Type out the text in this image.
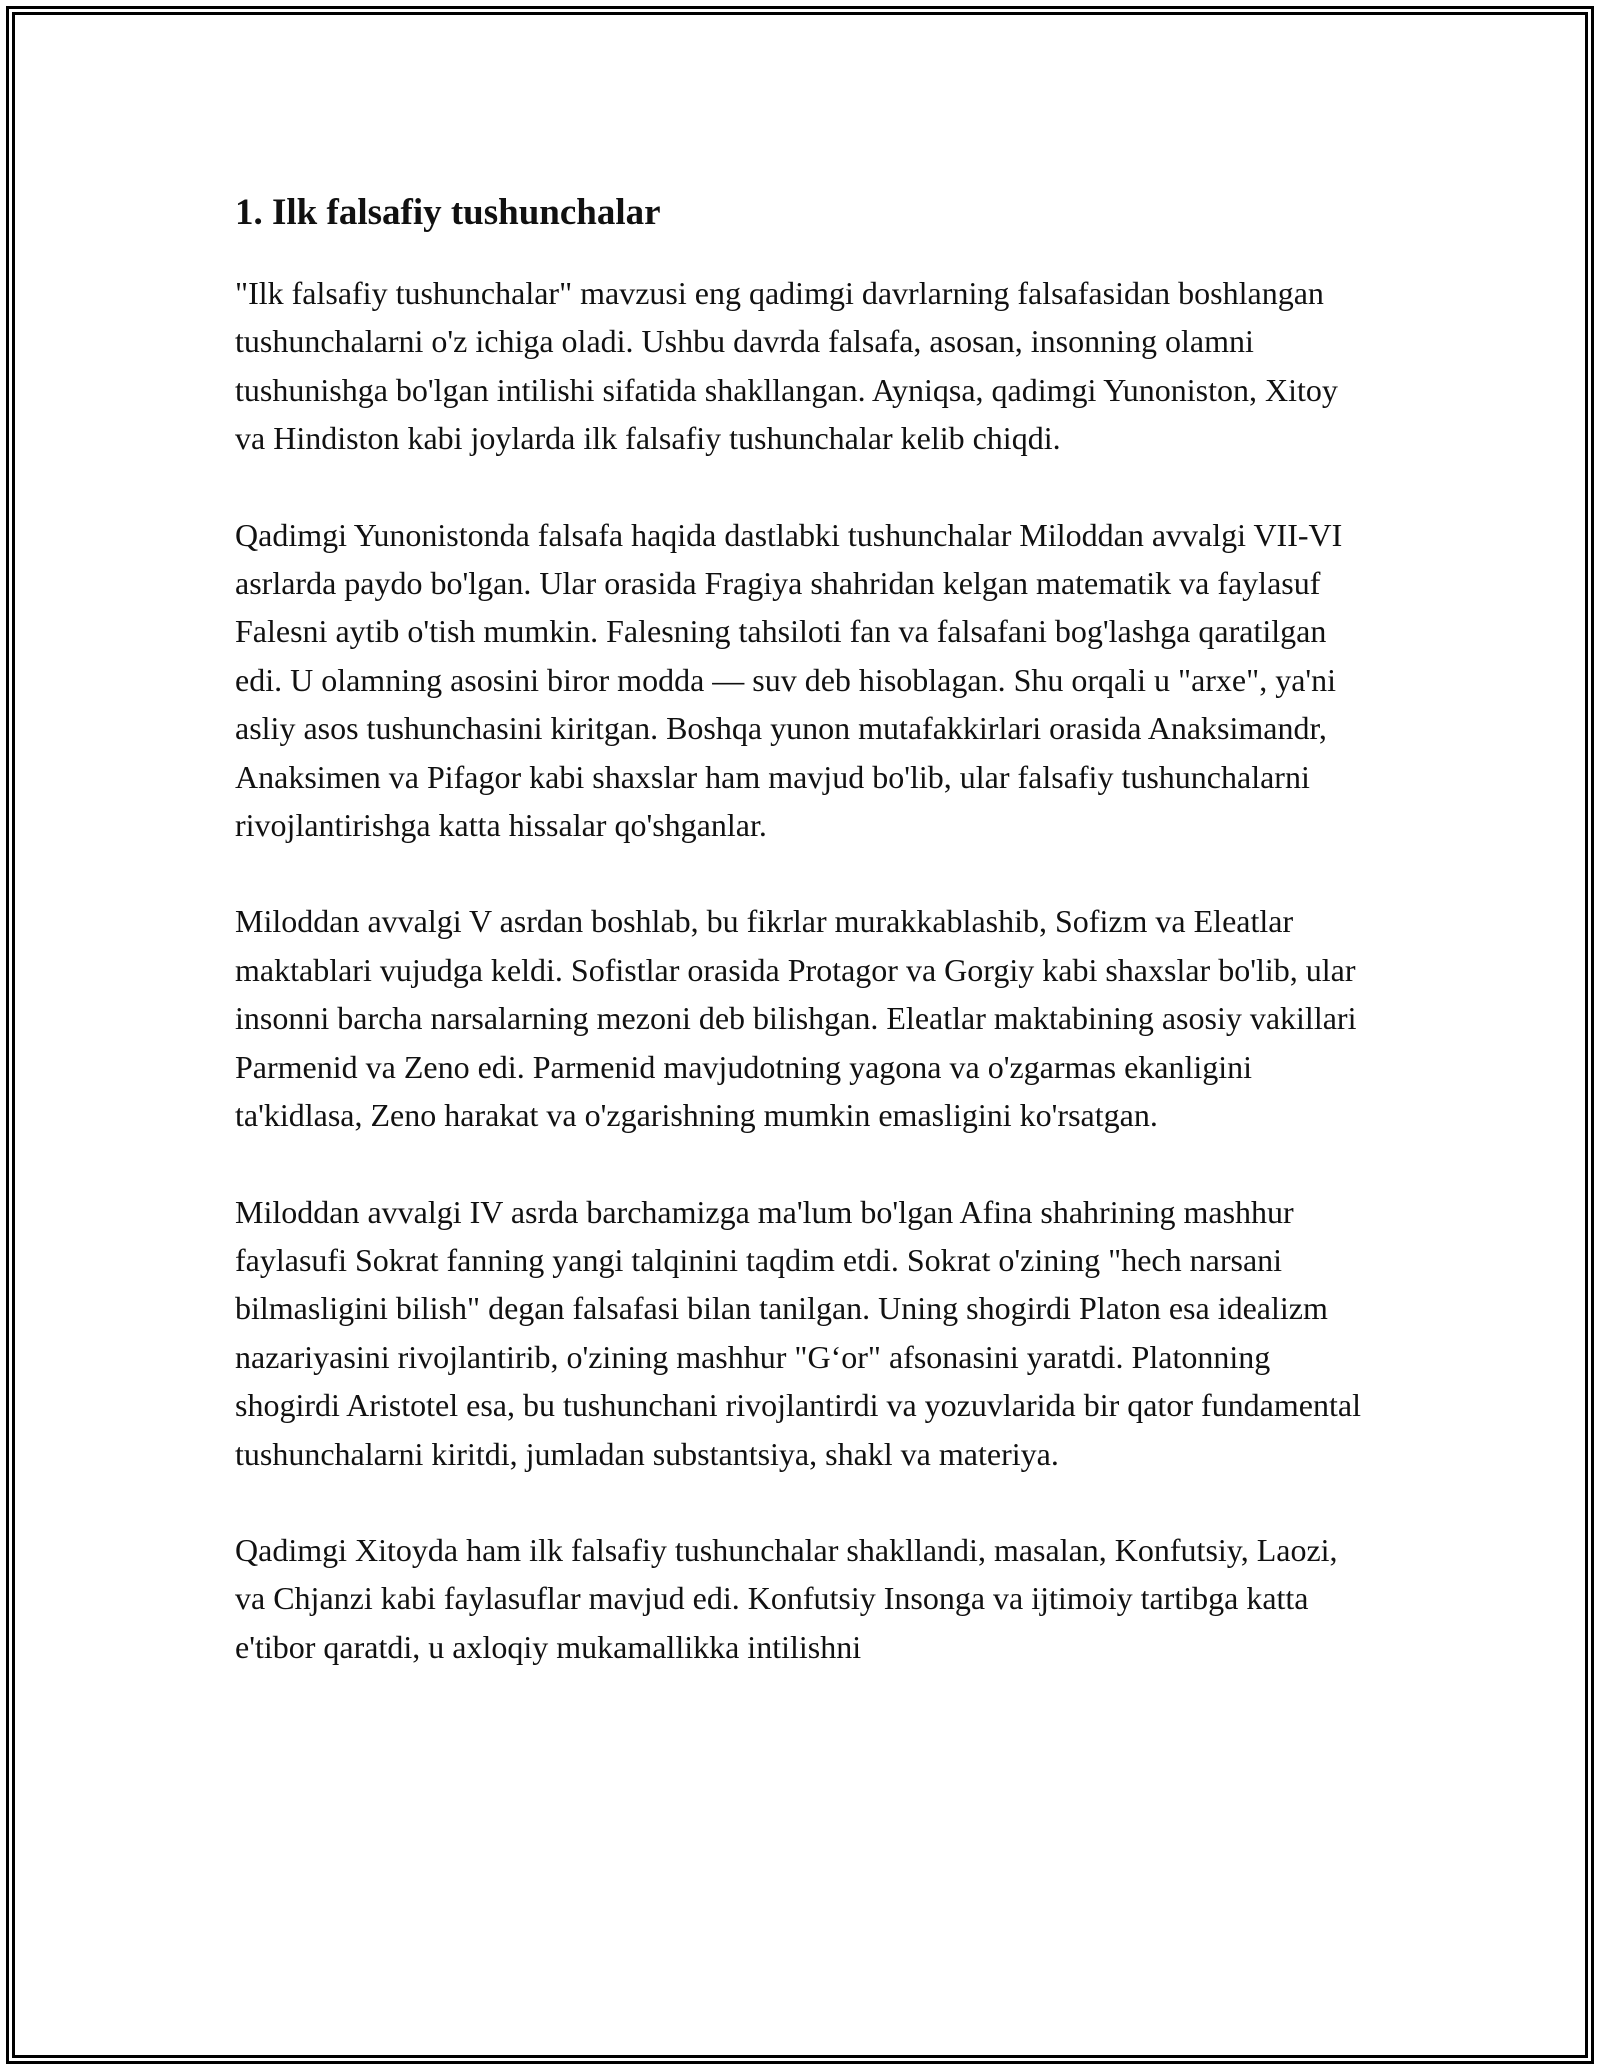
1. Ilk falsafiy tushunchalar

"Ilk falsafiy tushunchalar" mavzusi eng qadimgi davrlarning falsafasidan boshlangan tushunchalarni o'z ichiga oladi. Ushbu davrda falsafa, asosan, insonning olamni tushunishga bo'lgan intilishi sifatida shakllangan. Ayniqsa, qadimgi Yunoniston, Xitoy va Hindiston kabi joylarda ilk falsafiy tushunchalar kelib chiqdi.

Qadimgi Yunonistonda falsafa haqida dastlabki tushunchalar Miloddan avvalgi VII-VI asrlarda paydo bo'lgan. Ular orasida Fragiya shahridan kelgan matematik va faylasuf Falesni aytib o'tish mumkin. Falesning tahsiloti fan va falsafani bog'lashga qaratilgan edi. U olamning asosini biror modda — suv deb hisoblagan. Shu orqali u "arxe", ya'ni asliy asos tushunchasini kiritgan. Boshqa yunon mutafakkirlari orasida Anaksimandr, Anaksimen va Pifagor kabi shaxslar ham mavjud bo'lib, ular falsafiy tushunchalarni rivojlantirishga katta hissalar qo'shganlar.

Miloddan avvalgi V asrdan boshlab, bu fikrlar murakkablashib, Sofizm va Eleatlar maktablari vujudga keldi. Sofistlar orasida Protagor va Gorgiy kabi shaxslar bo'lib, ular insonni barcha narsalarning mezoni deb bilishgan. Eleatlar maktabining asosiy vakillari Parmenid va Zeno edi. Parmenid mavjudotning yagona va o'zgarmas ekanligini ta'kidlasa, Zeno harakat va o'zgarishning mumkin emasligini ko'rsatgan.

Miloddan avvalgi IV asrda barchamizga ma'lum bo'lgan Afina shahrining mashhur faylasufi Sokrat fanning yangi talqinini taqdim etdi. Sokrat o'zining "hech narsani bilmasligini bilish" degan falsafasi bilan tanilgan. Uning shogirdi Platon esa idealizm nazariyasini rivojlantirib, o'zining mashhur "G‘or" afsonasini yaratdi. Platonning shogirdi Aristotel esa, bu tushunchani rivojlantirdi va yozuvlarida bir qator fundamental tushunchalarni kiritdi, jumladan substantsiya, shakl va materiya.

Qadimgi Xitoyda ham ilk falsafiy tushunchalar shakllandi, masalan, Konfutsiy, Laozi, va Chjanzi kabi faylasuflar mavjud edi. Konfutsiy Insonga va ijtimoiy tartibga katta e'tibor qaratdi, u axloqiy mukamallikka intilishni
